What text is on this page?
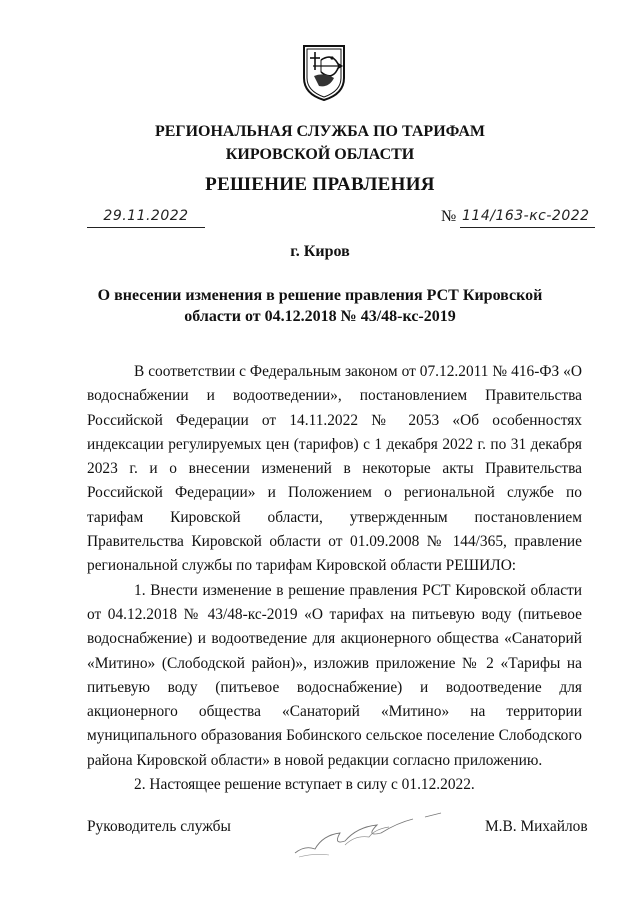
РЕГИОНАЛЬНАЯ СЛУЖБА ПО ТАРИФАМ
КИРОВСКОЙ ОБЛАСТИ
РЕШЕНИЕ ПРАВЛЕНИЯ
29.11.2022	№ 114/163-кс-2022
г. Киров
О внесении изменения в решение правления РСТ Кировской
области от 04.12.2018 № 43/48-кс-2019

В соответствии с Федеральным законом от 07.12.2011 № 416-ФЗ «О водоснабжении и водоотведении», постановлением Правительства Российской Федерации от 14.11.2022 № 2053 «Об особенностях индексации регулируемых цен (тарифов) с 1 декабря 2022 г. по 31 декабря 2023 г. и о внесении изменений в некоторые акты Правительства Российской Федерации» и Положением о региональной службе по тарифам Кировской области, утвержденным постановлением Правительства Кировской области от 01.09.2008 № 144/365, правление региональной службы по тарифам Кировской области РЕШИЛО:

1. Внести изменение в решение правления РСТ Кировской области от 04.12.2018 № 43/48-кс-2019 «О тарифах на питьевую воду (питьевое водоснабжение) и водоотведение для акционерного общества «Санаторий «Митино» (Слободской район)», изложив приложение № 2 «Тарифы на питьевую воду (питьевое водоснабжение) и водоотведение для акционерного общества «Санаторий «Митино» на территории муниципального образования Бобинского сельское поселение Слободского района Кировской области» в новой редакции согласно приложению.

2. Настоящее решение вступает в силу с 01.12.2022.

Руководитель службы	М.В. Михайлов
